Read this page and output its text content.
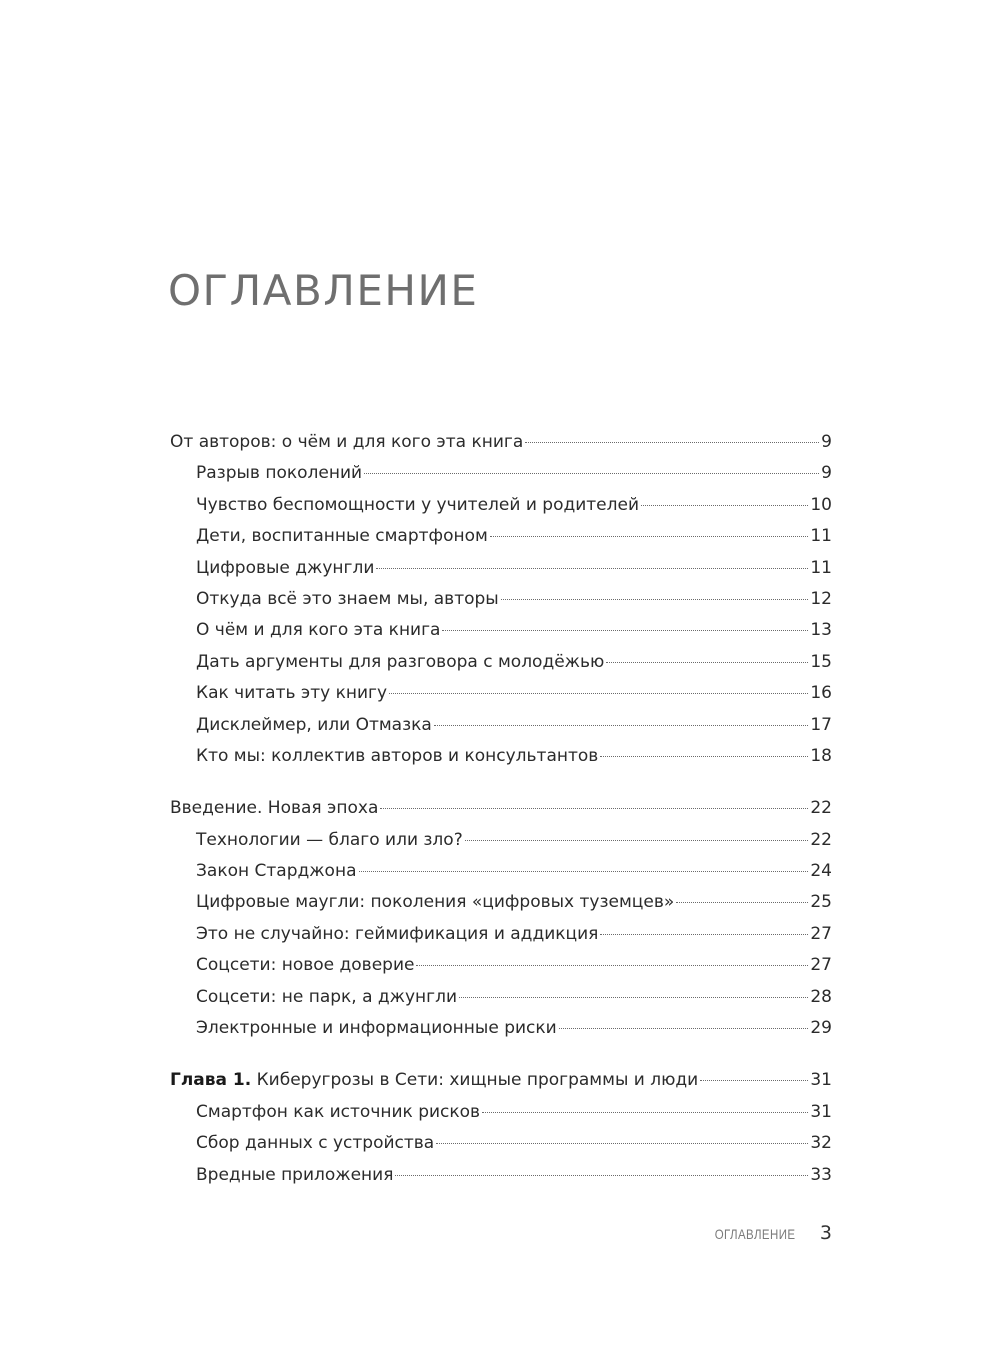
ОГЛАВЛЕНИЕ
От авторов: о чём и для кого эта книга	9
Разрыв поколений	9
Чувство беспомощности у учителей и родителей	10
Дети, воспитанные смартфоном	11
Цифровые джунгли	11
Откуда всё это знаем мы, авторы	12
О чём и для кого эта книга	13
Дать аргументы для разговора с молодёжью	15
Как читать эту книгу	16
Дисклеймер, или Отмазка	17
Кто мы: коллектив авторов и консультантов	18
Введение. Новая эпоха	22
Технологии — благо или зло?	22
Закон Старджона	24
Цифровые маугли: поколения «цифровых туземцев»	25
Это не случайно: геймификация и аддикция	27
Соцсети: новое доверие	27
Соцсети: не парк, а джунгли	28
Электронные и информационные риски	29
Глава 1. Киберугрозы в Сети: хищные программы и люди	31
Смартфон как источник рисков	31
Сбор данных с устройства	32
Вредные приложения	33
ОГЛАВЛЕНИЕ 3
